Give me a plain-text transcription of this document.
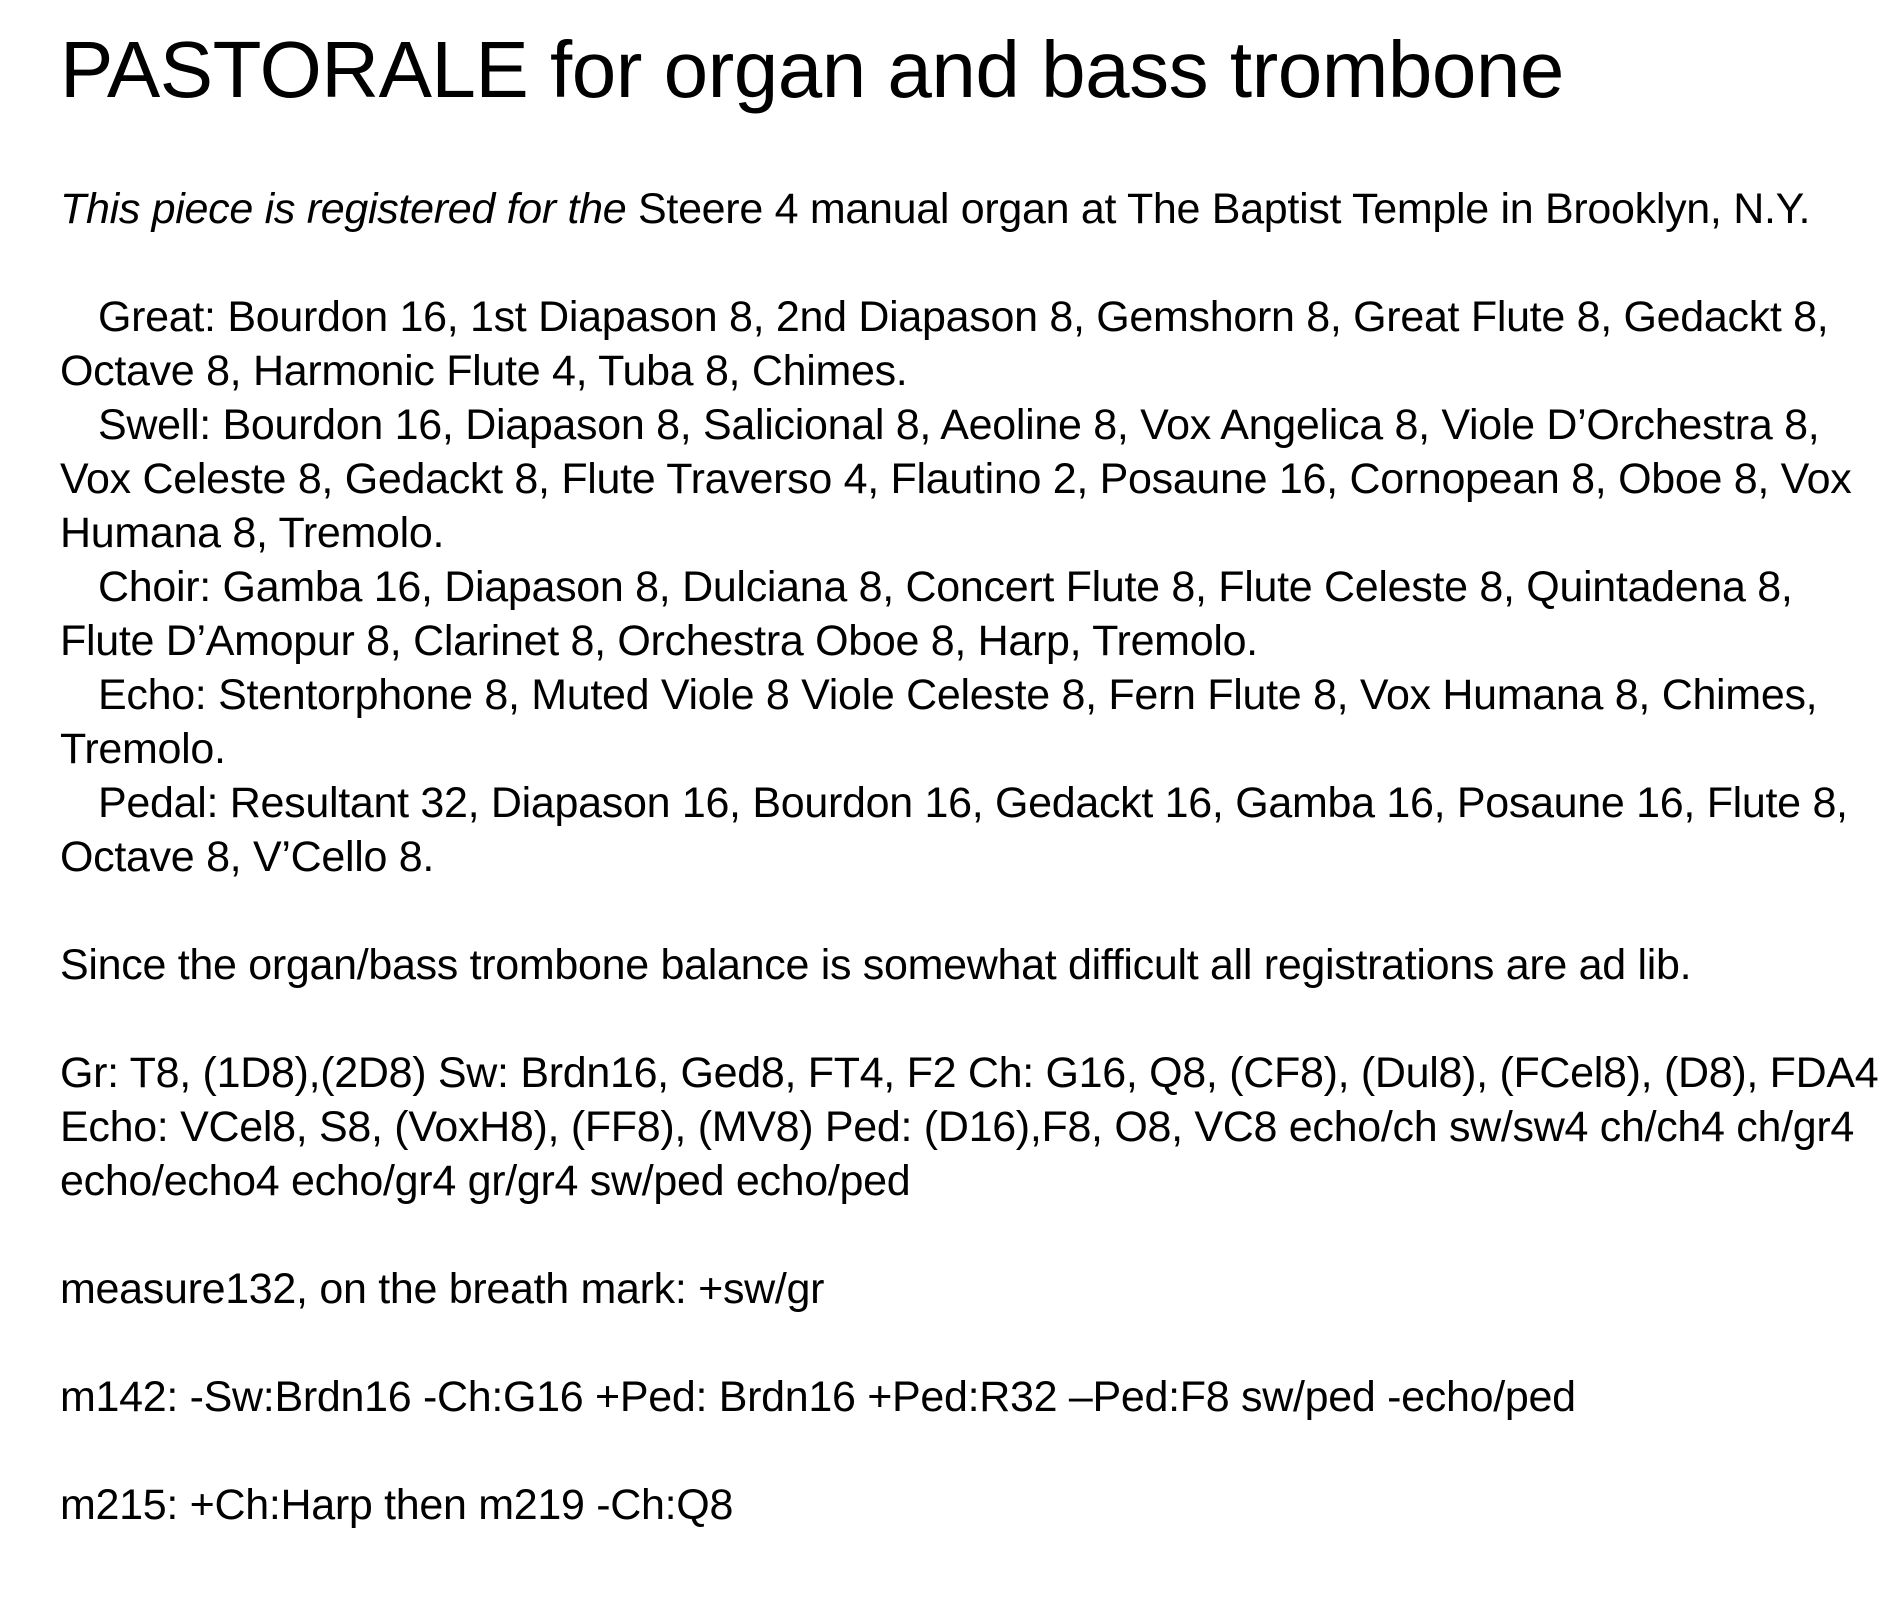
PASTORALE for organ and bass trombone

This piece is registered for the Steere 4 manual organ at The Baptist Temple in Brooklyn, N.Y.

Great: Bourdon 16, 1st Diapason 8, 2nd Diapason 8, Gemshorn 8, Great Flute 8, Gedackt 8, Octave 8, Harmonic Flute 4, Tuba 8, Chimes.

Swell: Bourdon 16, Diapason 8, Salicional 8, Aeoline 8, Vox Angelica 8, Viole D’Orchestra 8, Vox Celeste 8, Gedackt 8, Flute Traverso 4, Flautino 2, Posaune 16, Cornopean 8, Oboe 8, Vox Humana 8, Tremolo.

Choir: Gamba 16, Diapason 8, Dulciana 8, Concert Flute 8, Flute Celeste 8, Quintadena 8, Flute D’Amopur 8, Clarinet 8, Orchestra Oboe 8, Harp, Tremolo.

Echo: Stentorphone 8, Muted Viole 8 Viole Celeste 8, Fern Flute 8, Vox Humana 8, Chimes, Tremolo.

Pedal: Resultant 32, Diapason 16, Bourdon 16, Gedackt 16, Gamba 16, Posaune 16, Flute 8, Octave 8, V’Cello 8.

Since the organ/bass trombone balance is somewhat difficult all registrations are ad lib.

Gr: T8, (1D8),(2D8) Sw: Brdn16, Ged8, FT4, F2 Ch: G16, Q8, (CF8), (Dul8), (FCel8), (D8), FDA4 Echo: VCel8, S8, (VoxH8), (FF8), (MV8) Ped: (D16),F8, O8, VC8 echo/ch sw/sw4 ch/ch4 ch/gr4 echo/echo4 echo/gr4 gr/gr4 sw/ped echo/ped

measure132, on the breath mark: +sw/gr

m142: -Sw:Brdn16 -Ch:G16 +Ped: Brdn16 +Ped:R32 –Ped:F8 sw/ped -echo/ped

m215: +Ch:Harp then m219 -Ch:Q8
